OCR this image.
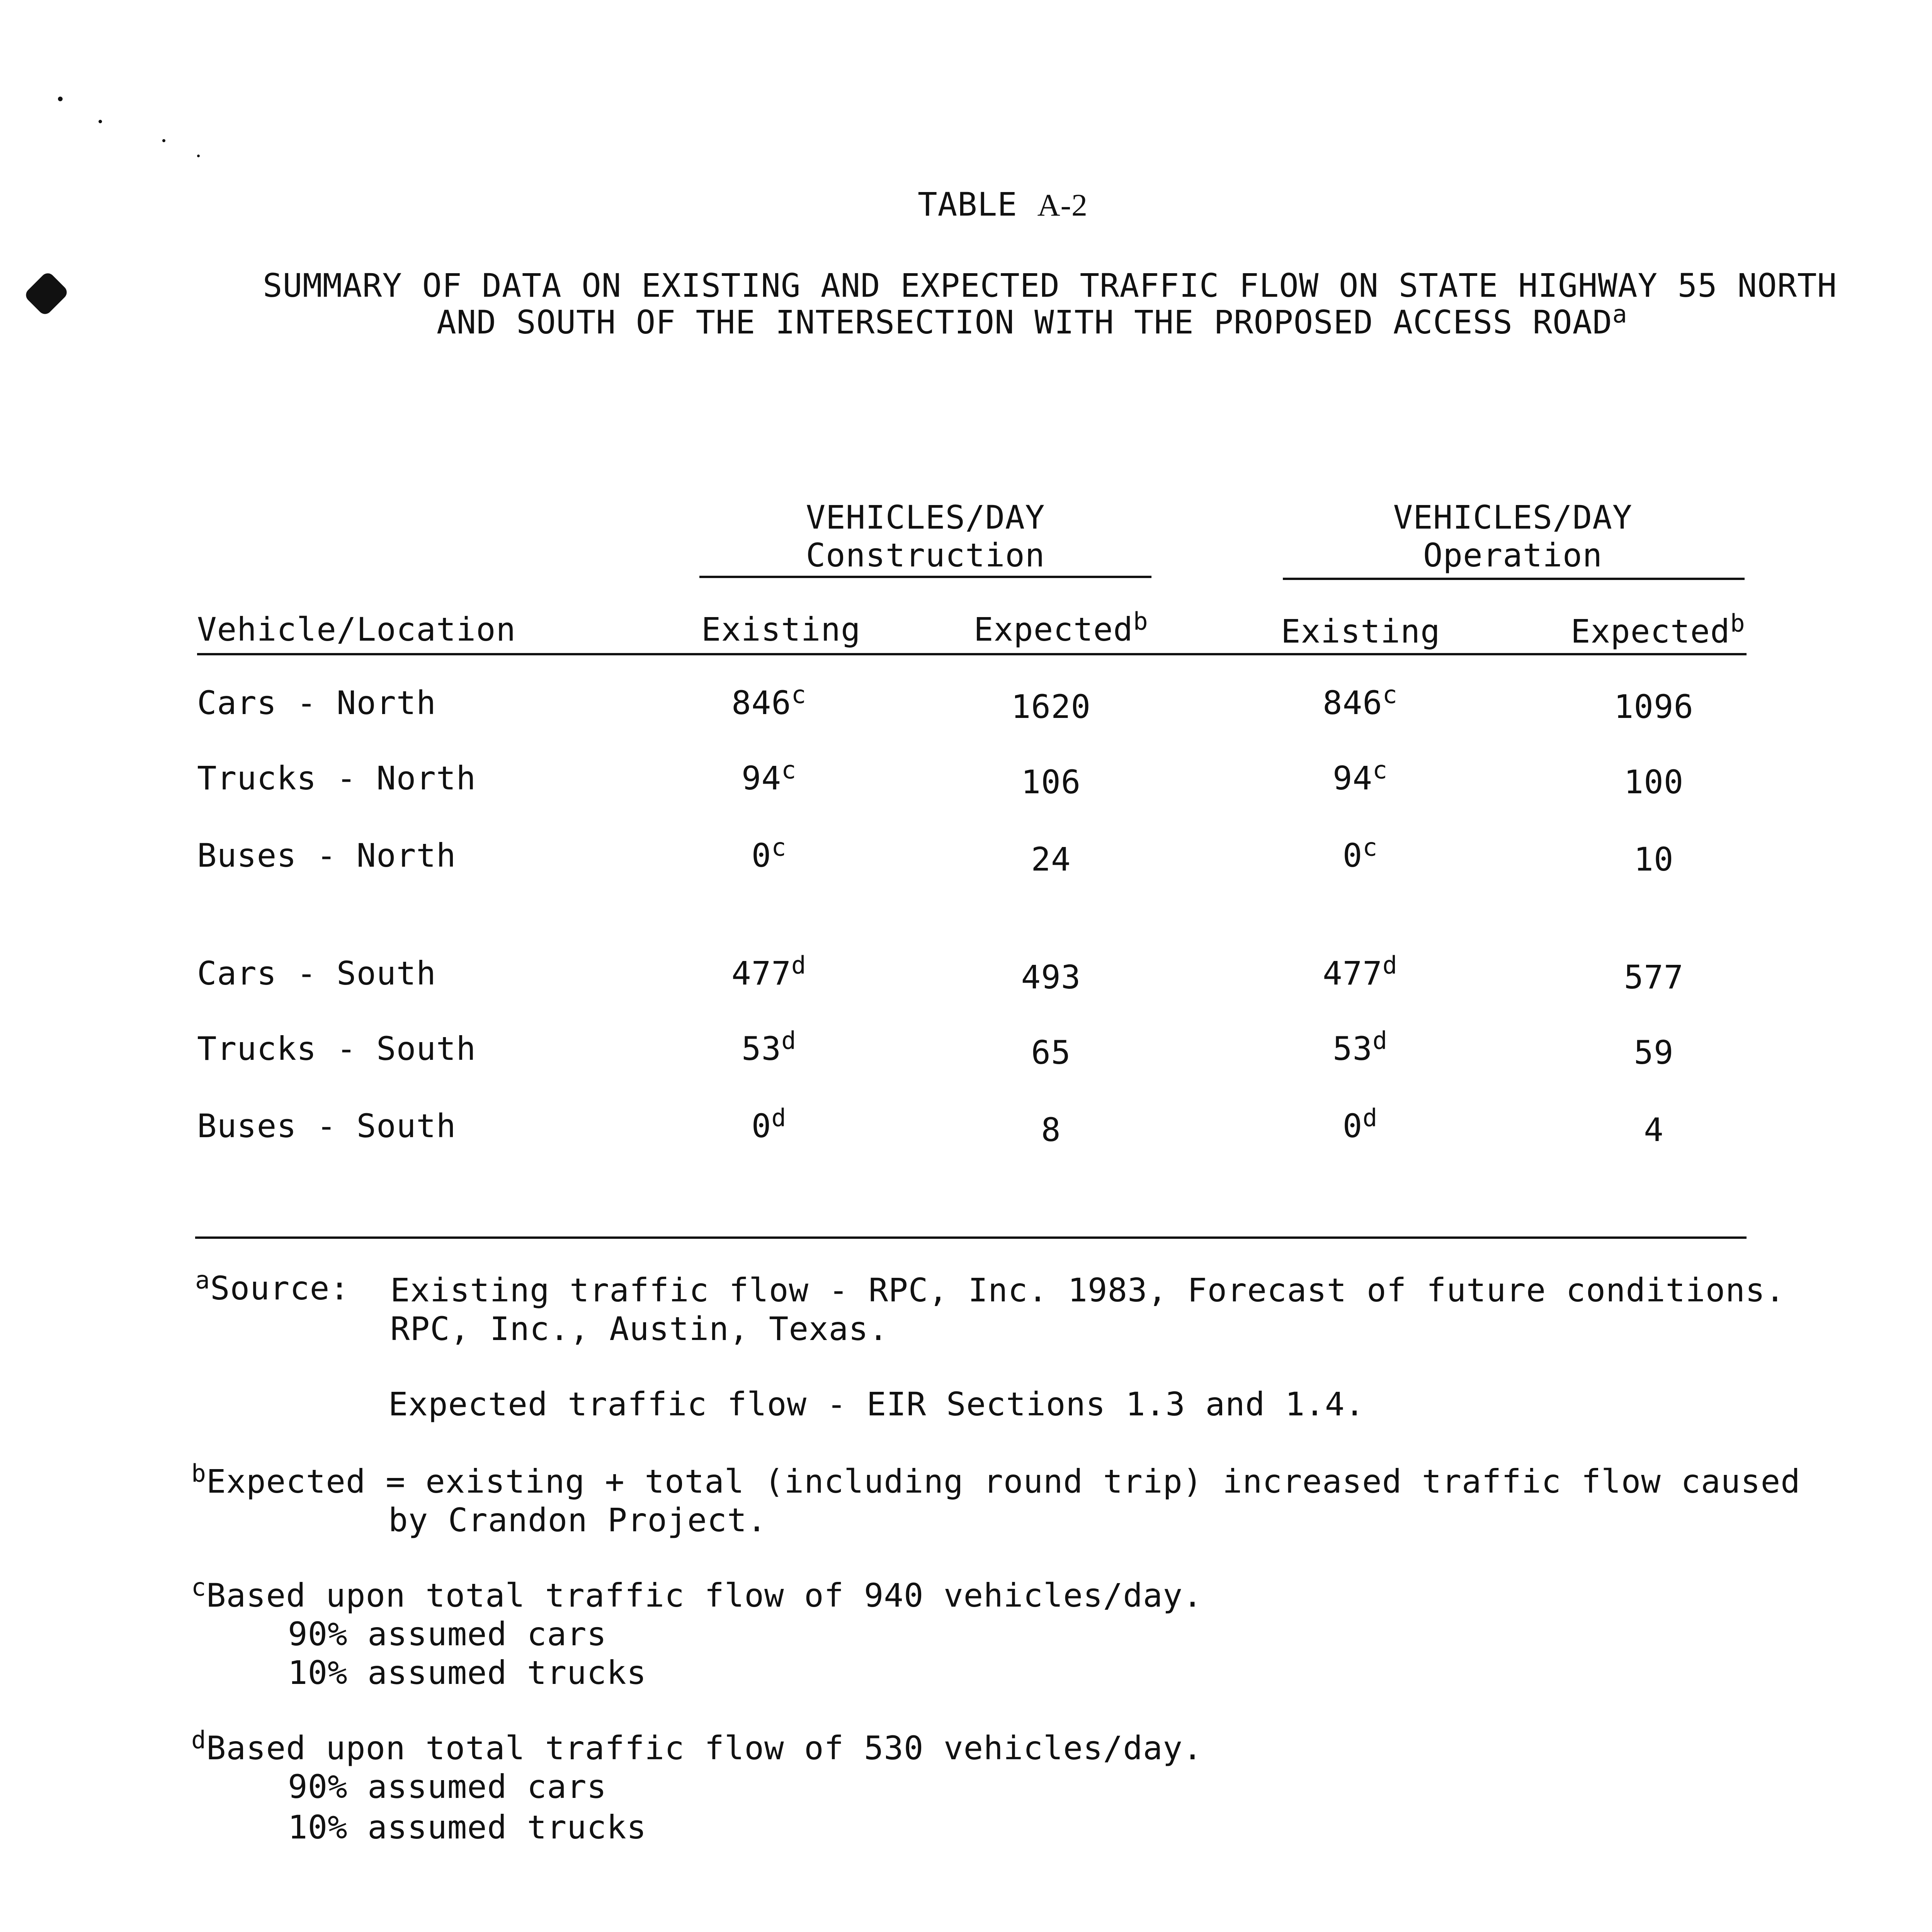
TABLE A-2
SUMMARY OF DATA ON EXISTING AND EXPECTED TRAFFIC FLOW ON STATE HIGHWAY 55 NORTH
AND SOUTH OF THE INTERSECTION WITH THE PROPOSED ACCESS ROAD$^a$
VEHICLES/DAY
Construction
VEHICLES/DAY
Operation
Vehicle/Location	Existing	Expected$^b$	Existing	Expected$^b$
Cars - North	846$^c$	1620	846$^c$	1096
Trucks - North	94$^c$	106	94$^c$	100
Buses - North	0$^c$	24	0$^c$	10
Cars - South	477$^d$	493	477$^d$	577
Trucks - South	53$^d$	65	53$^d$	59
Buses - South	0$^d$	8	0$^d$	4
$^a$Source: Existing traffic flow - RPC, Inc. 1983, Forecast of future conditions.
RPC, Inc., Austin, Texas.
Expected traffic flow - EIR Sections 1.3 and 1.4.
$^b$Expected = existing + total (including round trip) increased traffic flow caused
by Crandon Project.
$^c$Based upon total traffic flow of 940 vehicles/day.
90% assumed cars
10% assumed trucks
$^d$Based upon total traffic flow of 530 vehicles/day.
90% assumed cars
10% assumed trucks
